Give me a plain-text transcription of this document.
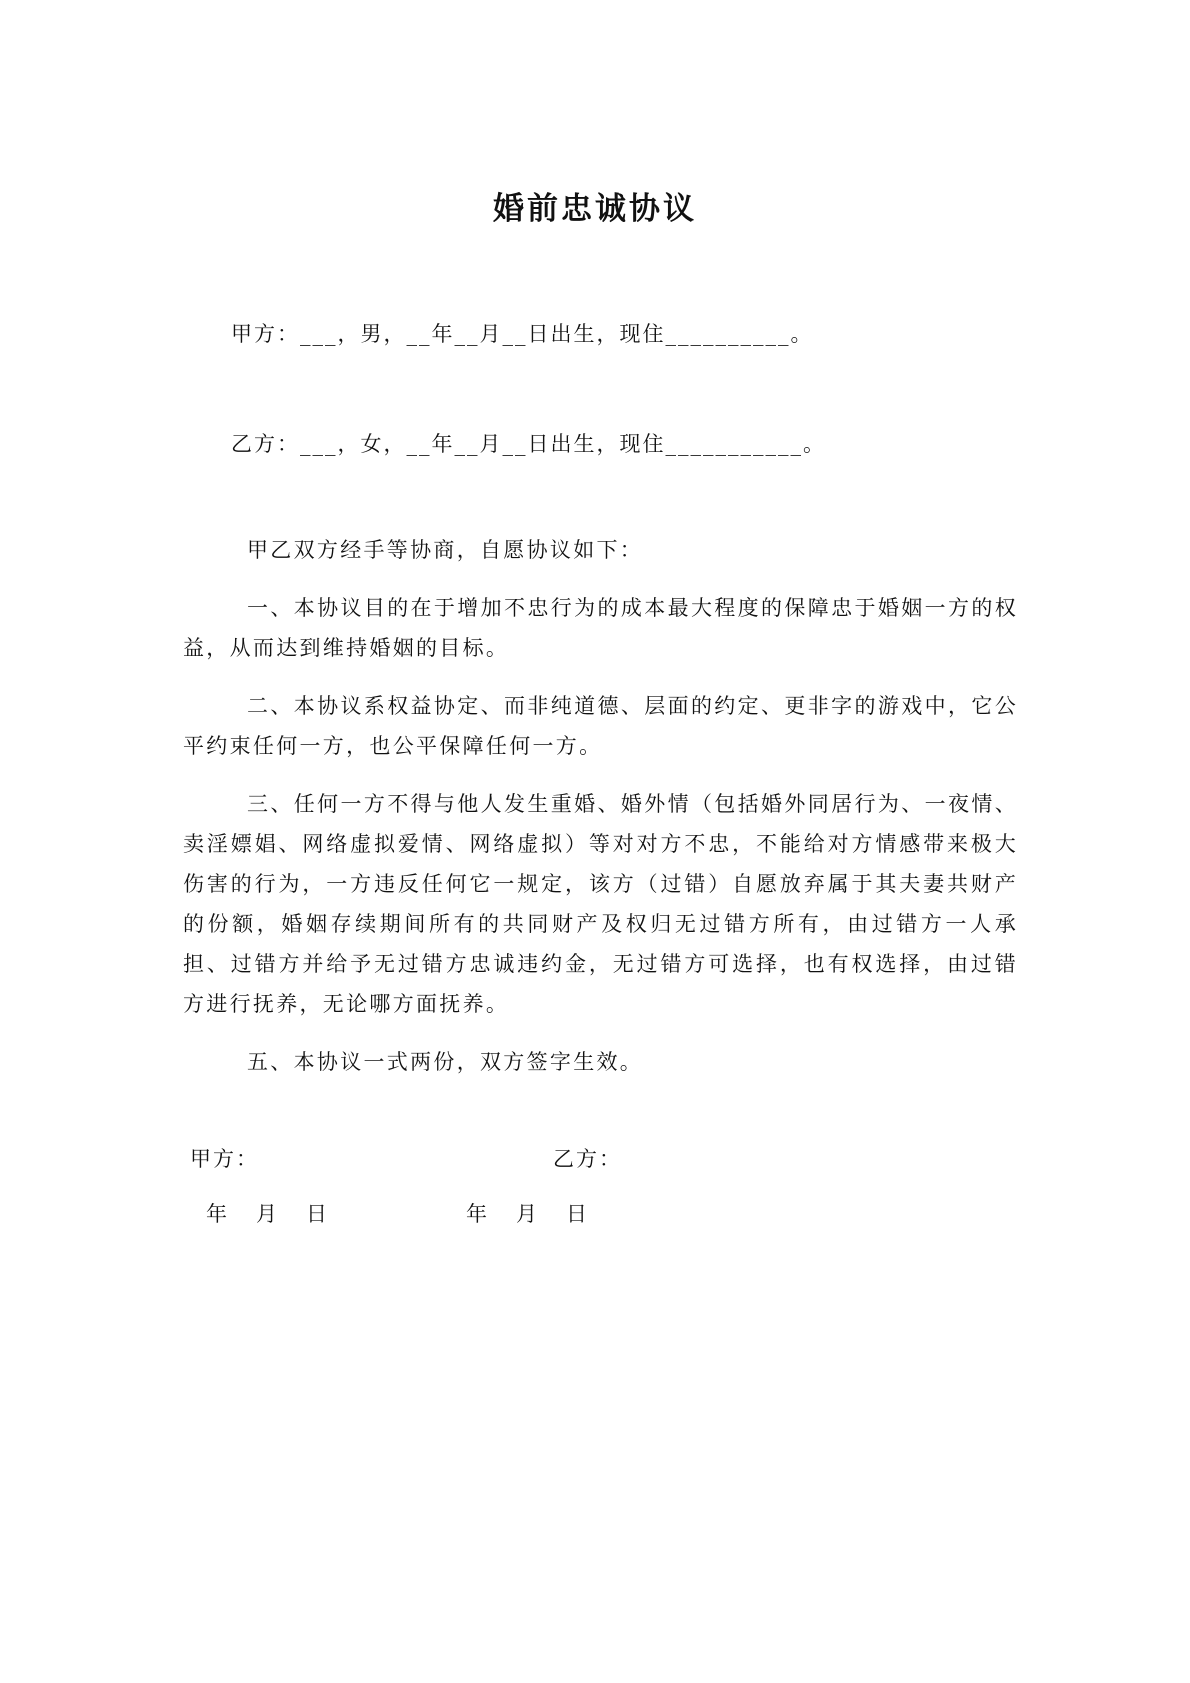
婚前忠诚协议
甲方：___，男，__年__月__日出生，现住__________。
乙方：___，女，__年__月__日出生，现住___________。

甲乙双方经手等协商，自愿协议如下：

一、本协议目的在于增加不忠行为的成本最大程度的保障忠于婚姻一方的权益，从而达到维持婚姻的目标。

二、本协议系权益协定、而非纯道德、层面的约定、更非字的游戏中，它公平约束任何一方，也公平保障任何一方。

三、任何一方不得与他人发生重婚、婚外情（包括婚外同居行为、一夜情、卖淫嫖娼、网络虚拟爱情、网络虚拟）等对对方不忠，不能给对方情感带来极大伤害的行为，一方违反任何它一规定，该方（过错）自愿放弃属于其夫妻共财产的份额，婚姻存续期间所有的共同财产及权归无过错方所有，由过错方一人承担、过错方并给予无过错方忠诚违约金，无过错方可选择，也有权选择，由过错方进行抚养，无论哪方面抚养。

五、本协议一式两份，双方签字生效。

甲方：	乙方：
年 月 日	年 月 日
